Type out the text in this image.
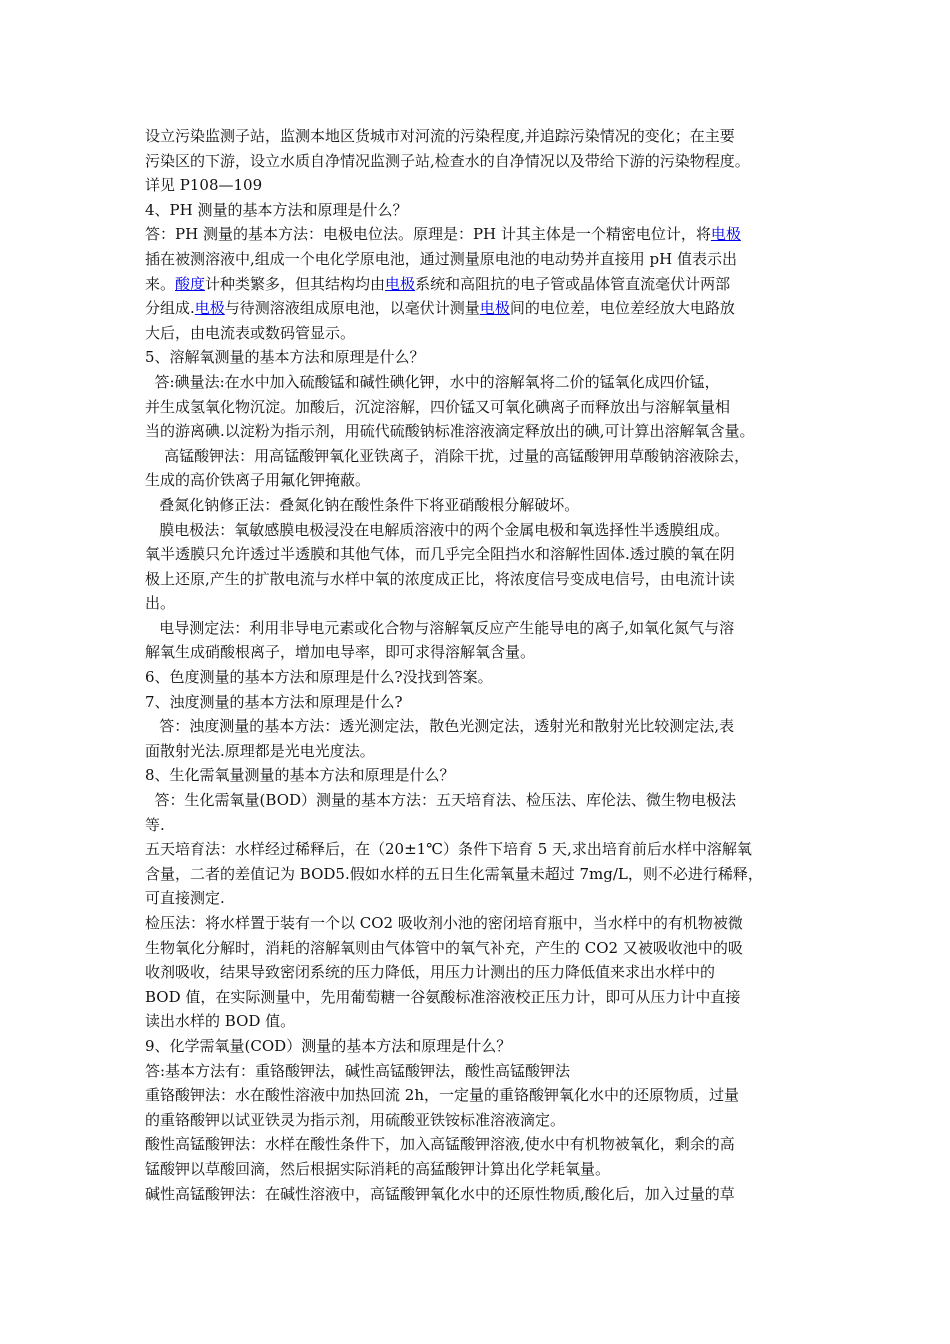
设立污染监测子站，监测本地区货城市对河流的污染程度,并追踪污染情况的变化；在主要

污染区的下游，设立水质自净情况监测子站,检查水的自净情况以及带给下游的污染物程度。

详见 P108—109

4、PH 测量的基本方法和原理是什么？

答：PH 测量的基本方法：电极电位法。原理是：PH 计其主体是一个精密电位计，将电极

插在被测溶液中,组成一个电化学原电池，通过测量原电池的电动势并直接用 pH 值表示出

来。酸度计种类繁多，但其结构均由电极系统和高阻抗的电子管或晶体管直流毫伏计两部

分组成.电极与待测溶液组成原电池，以毫伏计测量电极间的电位差，电位差经放大电路放

大后，由电流表或数码管显示。

5、溶解氧测量的基本方法和原理是什么？

答:碘量法:在水中加入硫酸锰和碱性碘化钾，水中的溶解氧将二价的锰氧化成四价锰，

并生成氢氧化物沉淀。加酸后，沉淀溶解，四价锰又可氧化碘离子而释放出与溶解氧量相

当的游离碘.以淀粉为指示剂，用硫代硫酸钠标准溶液滴定释放出的碘,可计算出溶解氧含量。

高锰酸钾法：用高锰酸钾氧化亚铁离子，消除干扰，过量的高锰酸钾用草酸钠溶液除去，

生成的高价铁离子用氟化钾掩蔽。

叠氮化钠修正法：叠氮化钠在酸性条件下将亚硝酸根分解破坏。

膜电极法：氧敏感膜电极浸没在电解质溶液中的两个金属电极和氧选择性半透膜组成。

氧半透膜只允许透过半透膜和其他气体，而几乎完全阻挡水和溶解性固体.透过膜的氧在阴

极上还原,产生的扩散电流与水样中氧的浓度成正比，将浓度信号变成电信号，由电流计读

出。

电导测定法：利用非导电元素或化合物与溶解氧反应产生能导电的离子,如氧化氮气与溶

解氧生成硝酸根离子，增加电导率，即可求得溶解氧含量。

6、色度测量的基本方法和原理是什么?没找到答案。

7、浊度测量的基本方法和原理是什么?

答：浊度测量的基本方法：透光测定法，散色光测定法，透射光和散射光比较测定法,表

面散射光法.原理都是光电光度法。

8、生化需氧量测量的基本方法和原理是什么？

答：生化需氧量(BOD）测量的基本方法：五天培育法、检压法、库伦法、微生物电极法

等.

五天培育法：水样经过稀释后，在（20±1℃）条件下培育 5 天,求出培育前后水样中溶解氧

含量，二者的差值记为 BOD5.假如水样的五日生化需氧量未超过 7mg/L，则不必进行稀释，

可直接测定.

检压法：将水样置于装有一个以 CO2 吸收剂小池的密闭培育瓶中，当水样中的有机物被微

生物氧化分解时，消耗的溶解氧则由气体管中的氧气补充，产生的 CO2 又被吸收池中的吸

收剂吸收，结果导致密闭系统的压力降低，用压力计测出的压力降低值来求出水样中的

BOD 值，在实际测量中，先用葡萄糖一谷氨酸标准溶液校正压力计，即可从压力计中直接

读出水样的 BOD 值。

9、化学需氧量(COD）测量的基本方法和原理是什么？

答:基本方法有：重铬酸钾法，碱性高锰酸钾法，酸性高锰酸钾法

重铬酸钾法：水在酸性溶液中加热回流 2h，一定量的重铬酸钾氧化水中的还原物质，过量

的重铬酸钾以试亚铁灵为指示剂，用硫酸亚铁铵标准溶液滴定。

酸性高锰酸钾法：水样在酸性条件下，加入高锰酸钾溶液,使水中有机物被氧化，剩余的高

锰酸钾以草酸回滴，然后根据实际消耗的高猛酸钾计算出化学耗氧量。

碱性高锰酸钾法：在碱性溶液中，高锰酸钾氧化水中的还原性物质,酸化后，加入过量的草
